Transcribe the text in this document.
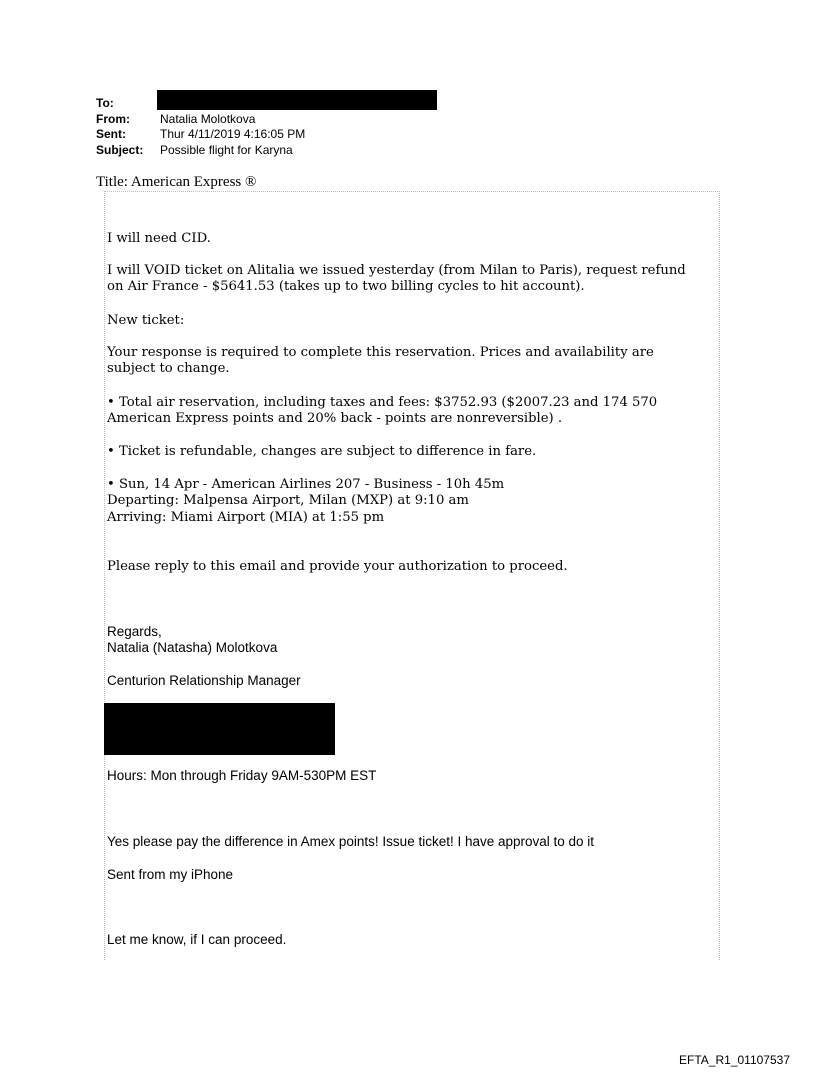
To:
From:	Natalia Molotkova
Sent:	Thur 4/11/2019 4:16:05 PM
Subject:	Possible flight for Karyna
Title: American Express ®
I will need CID.
I will VOID ticket on Alitalia we issued yesterday (from Milan to Paris), request refund
on Air France - $5641.53 (takes up to two billing cycles to hit account).
New ticket:
Your response is required to complete this reservation. Prices and availability are
subject to change.
• Total air reservation, including taxes and fees: $3752.93 ($2007.23 and 174 570
American Express points and 20% back - points are nonreversible) .
• Ticket is refundable, changes are subject to difference in fare.
• Sun, 14 Apr - American Airlines 207 - Business - 10h 45m
Departing: Malpensa Airport, Milan (MXP) at 9:10 am
Arriving: Miami Airport (MIA) at 1:55 pm
Please reply to this email and provide your authorization to proceed.
Regards,
Natalia (Natasha) Molotkova
Centurion Relationship Manager
Hours: Mon through Friday 9AM-530PM EST
Yes please pay the difference in Amex points! Issue ticket! I have approval to do it
Sent from my iPhone
Let me know, if I can proceed.
EFTA_R1_01107537
